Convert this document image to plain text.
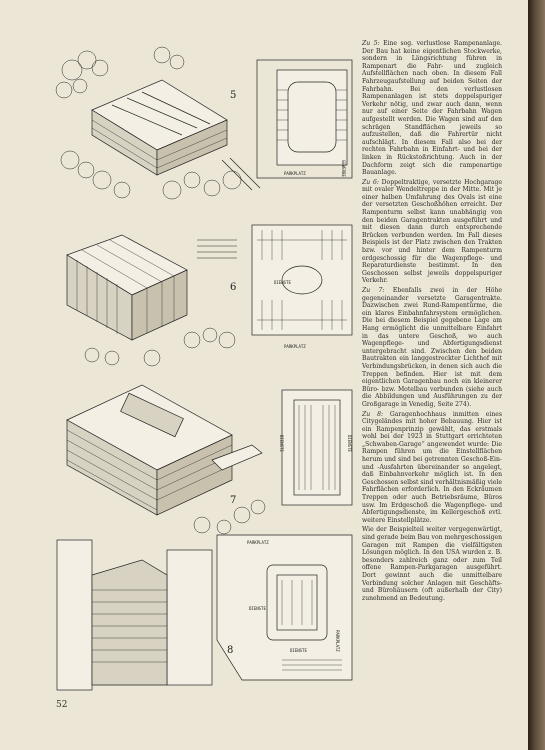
PARKPLATZ	GEWERBE
5
DIENSTE
PARKPLATZ
6
DIENSTE	DIENSTE
7
PARKPLATZ
DIENSTE
DIENSTE	PARKPLATZ
8

Zu 5: Eine sog. verlustlose Rampenanlage. Der Bau hat keine eigentlichen Stockwerke, sondern in Längsrichtung führen in Rampenart die Fahr- und zugleich Aufstellflächen nach oben. In diesem Fall Fahrzeugaufstellung auf beiden Seiten der Fahrbahn. Bei den verlustlosen Rampenanlagen ist stets doppelspuriger Verkehr nötig, und zwar auch dann, wenn nur auf einer Seite der Fahrbahn Wagen aufgestellt werden. Die Wagen sind auf den schrägen Standflächen jeweils so aufzustellen, daß die Fahrertür nicht aufschlägt. In diesem Fall also bei der rechten Fahrbahn in Einfahrt- und bei der linken in Rückstoßrichtung. Auch in der Dachform zeigt sich die rampenartige Bauanlage.

Zu 6: Doppeltraktige, versetzte Hochgarage mit ovaler Wendeltreppe in der Mitte. Mit je einer halben Umfahrung des Ovals ist eine der versetzten Geschoßhöhen erreicht. Der Rampenturm selbst kann unabhängig von den beiden Garagentrakten ausgeführt und mit diesen dann durch entsprechende Brücken verbunden werden. Im Fall dieses Beispiels ist der Platz zwischen den Trakten bzw. vor und hinter dem Rampenturm erdgeschossig für die Wagenpflege- und Reparaturdienste bestimmt. In den Geschossen selbst jeweils doppelspuriger Verkehr.

Zu 7: Ebenfalls zwei in der Höhe gegeneinander versetzte Garagentrakte. Dazwischen zwei Rund-Rampentürme, die ein klares Einbahnfahrsystem ermöglichen. Die bei diesem Beispiel gegebene Lage am Hang ermöglicht die unmittelbare Einfahrt in das untere Geschoß, wo auch Wagenpflege- und Abfertigungsdienst untergebracht sind. Zwischen den beiden Bautrakten ein langgestreckter Lichthof mit Verbindungsbrücken, in denen sich auch die Treppen befinden. Hier ist mit dem eigentlichen Garagenbau noch ein kleinerer Büro- bzw. Motelbau verbunden (siehe auch die Abbildungen und Ausführungen zu der Großgarage in Venedig, Seite 274).

Zu 8: Garagenhochhaus inmitten eines Citygeländes mit hoher Bebauung. Hier ist ein Rampenprinzip gewählt, das erstmals wohl bei der 1923 in Stuttgart errichteten „Schwaben-Garage“ angewendet wurde: Die Rampen führen um die Einstellflächen herum und sind bei getrennten Geschoß-Ein- und -Ausfahrten übereinander so angelegt, daß Einbahnverkehr möglich ist. In den Geschossen selbst sind verhältnismäßig viele Fahrflächen erforderlich. In den Eckräumen Treppen oder auch Betriebsräume, Büros usw. Im Erdgeschoß die Wagenpflege- und Abfertigungsdienste, im Kellergeschoß evtl. weitere Einstellplätze.

Wie der Beispielteil weiter vergegenwärtigt, sind gerade beim Bau von mehrgeschossigen Garagen mit Rampen die vielfältigsten Lösungen möglich. In den USA wurden z. B. besonders zahlreich ganz oder zum Teil offene Rampen-Parkgaragen ausgeführt. Dort gewinnt auch die unmittelbare Verbindung solcher Anlagen mit Geschäfts- und Bürohäusern (oft außerhalb der City) zunehmend an Bedeutung.

52
